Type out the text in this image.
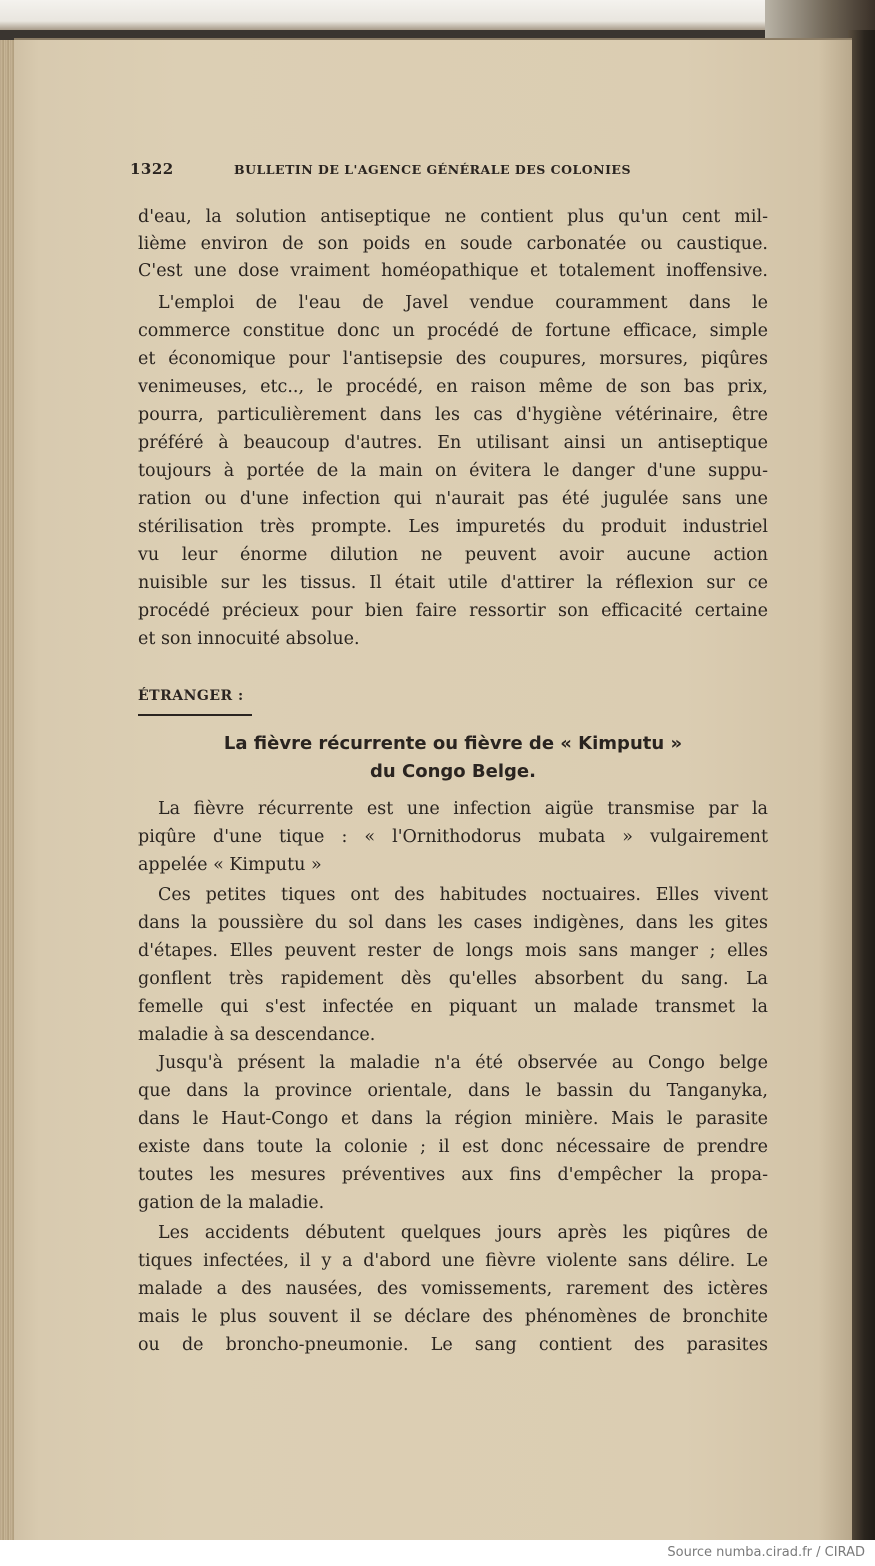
1322	BULLETIN DE L'AGENCE GÉNÉRALE DES COLONIES
d'eau, la solution antiseptique ne contient plus qu'un cent mil-
lième environ de son poids en soude carbonatée ou caustique.
C'est une dose vraiment homéopathique et totalement inoffensive.
L'emploi de l'eau de Javel vendue couramment dans le
commerce constitue donc un procédé de fortune efficace, simple
et économique pour l'antisepsie des coupures, morsures, piqûres
venimeuses, etc.., le procédé, en raison même de son bas prix,
pourra, particulièrement dans les cas d'hygiène vétérinaire, être
préféré à beaucoup d'autres. En utilisant ainsi un antiseptique
toujours à portée de la main on évitera le danger d'une suppu-
ration ou d'une infection qui n'aurait pas été jugulée sans une
stérilisation très prompte. Les impuretés du produit industriel
vu leur énorme dilution ne peuvent avoir aucune action
nuisible sur les tissus. Il était utile d'attirer la réflexion sur ce
procédé précieux pour bien faire ressortir son efficacité certaine
et son innocuité absolue.
ÉTRANGER :
La fièvre récurrente ou fièvre de « Kimputu »
du Congo Belge.
La fièvre récurrente est une infection aigüe transmise par la
piqûre d'une tique : « l'Ornithodorus mubata » vulgairement
appelée « Kimputu »
Ces petites tiques ont des habitudes noctuaires. Elles vivent
dans la poussière du sol dans les cases indigènes, dans les gites
d'étapes. Elles peuvent rester de longs mois sans manger ; elles
gonflent très rapidement dès qu'elles absorbent du sang. La
femelle qui s'est infectée en piquant un malade transmet la
maladie à sa descendance.
Jusqu'à présent la maladie n'a été observée au Congo belge
que dans la province orientale, dans le bassin du Tanganyka,
dans le Haut-Congo et dans la région minière. Mais le parasite
existe dans toute la colonie ; il est donc nécessaire de prendre
toutes les mesures préventives aux fins d'empêcher la propa-
gation de la maladie.
Les accidents débutent quelques jours après les piqûres de
tiques infectées, il y a d'abord une fièvre violente sans délire. Le
malade a des nausées, des vomissements, rarement des ictères
mais le plus souvent il se déclare des phénomènes de bronchite
ou de broncho-pneumonie. Le sang contient des parasites
Source numba.cirad.fr / CIRAD
